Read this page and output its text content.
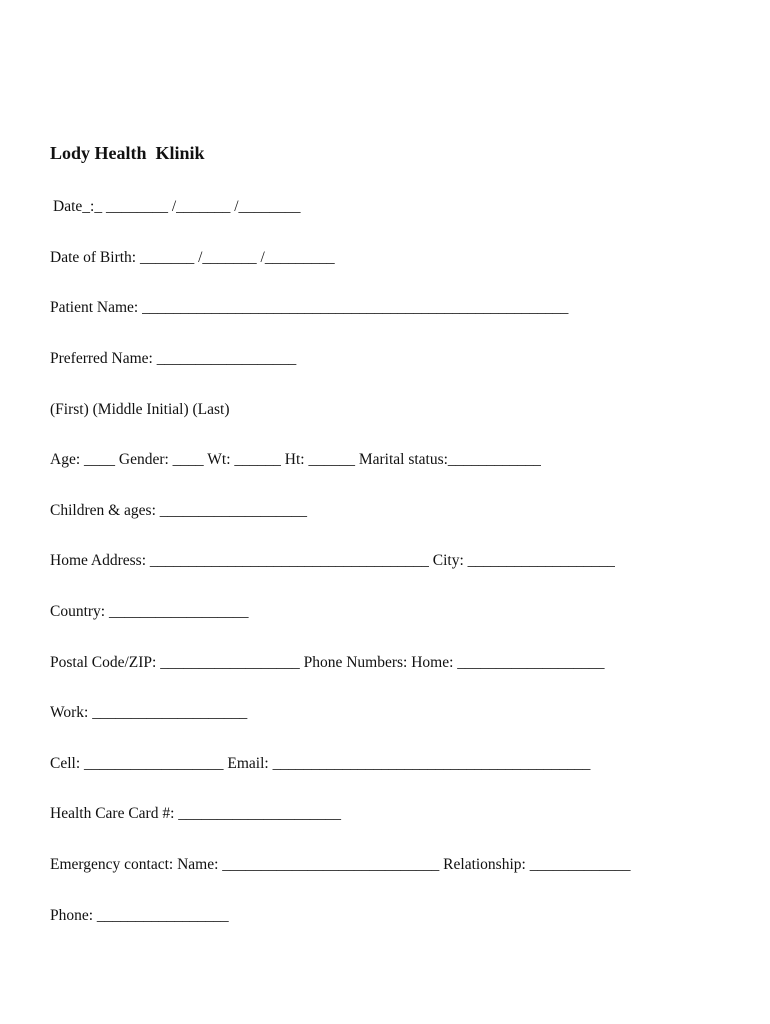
Lody Health  Klinik

Date_:_ ________ /_______ /________

Date of Birth: _______ /_______ /_________

Patient Name: _______________________________________________________

Preferred Name: __________________

(First) (Middle Initial) (Last)

Age: ____ Gender: ____ Wt: ______ Ht: ______ Marital status:____________

Children & ages: ___________________

Home Address: ____________________________________ City: ___________________

Country: __________________

Postal Code/ZIP: __________________ Phone Numbers: Home: ___________________

Work: ____________________

Cell: __________________ Email: _________________________________________

Health Care Card #: _____________________

Emergency contact: Name: ____________________________ Relationship: _____________

Phone: _________________
